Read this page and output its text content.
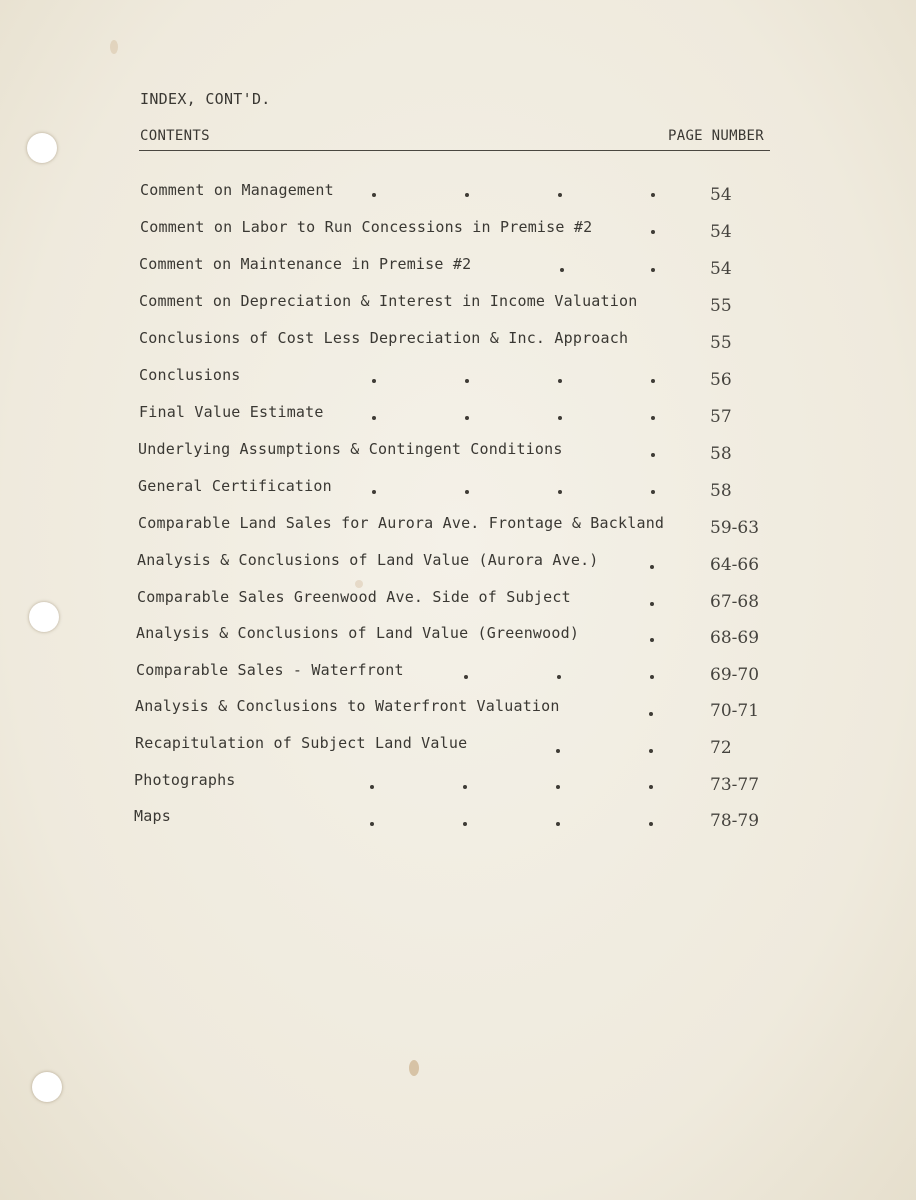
INDEX, CONT'D.
CONTENTS	PAGE NUMBER
Comment on Management	54
Comment on Labor to Run Concessions in Premise #2	54
Comment on Maintenance in Premise #2	54
Comment on Depreciation & Interest in Income Valuation	55
Conclusions of Cost Less Depreciation & Inc. Approach	55
Conclusions	56
Final Value Estimate	57
Underlying Assumptions & Contingent Conditions	58
General Certification	58
Comparable Land Sales for Aurora Ave. Frontage & Backland	59-63
Analysis & Conclusions of Land Value (Aurora Ave.)	64-66
Comparable Sales Greenwood Ave. Side of Subject	67-68
Analysis & Conclusions of Land Value (Greenwood)	68-69
Comparable Sales - Waterfront	69-70
Analysis & Conclusions to Waterfront Valuation	70-71
Recapitulation of Subject Land Value	72
Photographs	73-77
Maps	78-79
